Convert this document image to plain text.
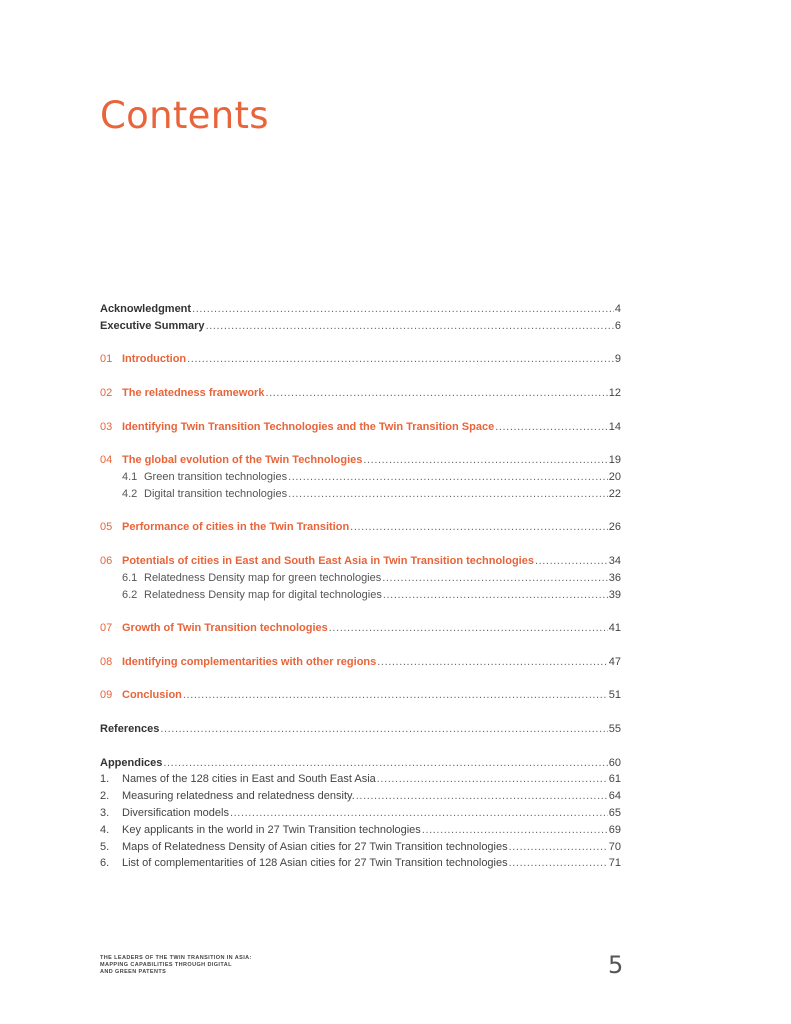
Contents
Acknowledgment .....	4
Executive Summary .....	6
01 Introduction .....	9
02 The relatedness framework .....	12
03 Identifying Twin Transition Technologies and the Twin Transition Space .....	14
04 The global evolution of the Twin Technologies .....	19
4.1 Green transition technologies .....	20
4.2 Digital transition technologies .....	22
05 Performance of cities in the Twin Transition .....	26
06 Potentials of cities in East and South East Asia in Twin Transition technologies .....	34
6.1 Relatedness Density map for green technologies .....	36
6.2 Relatedness Density map for digital technologies .....	39
07 Growth of Twin Transition technologies .....	41
08 Identifying complementarities with other regions .....	47
09 Conclusion .....	51
References .....	55
Appendices .....	60
1. Names of the 128 cities in East and South East Asia .....	61
2. Measuring relatedness and relatedness density. .....	64
3. Diversification models .....	65
4. Key applicants in the world in 27 Twin Transition technologies .....	69
5. Maps of Relatedness Density of Asian cities for 27 Twin Transition technologies .....	70
6. List of complementarities of 128 Asian cities for 27 Twin Transition technologies .....	71
THE LEADERS OF THE TWIN TRANSITION IN ASIA:
MAPPING CAPABILITIES THROUGH DIGITAL
AND GREEN PATENTS	5
